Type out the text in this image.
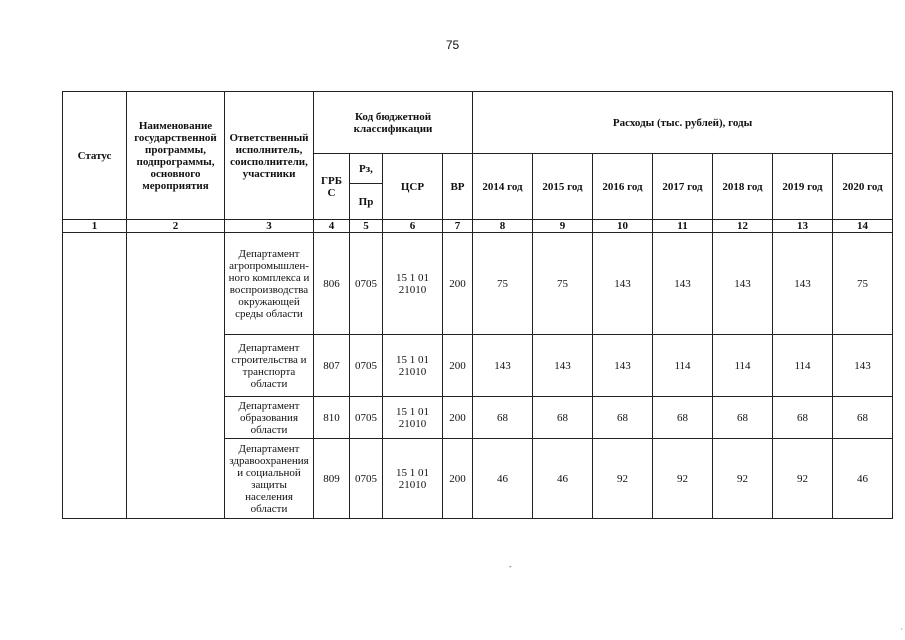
75
Статус	Наименование государственной программы, подпрограммы, основного мероприятия	Ответственный исполнитель, соисполнители, участники	Код бюджетной классификации				Расходы (тыс. рублей), годы						
			ГРБ С	Рз,	ЦСР	ВР	2014 год	2015 год	2016 год	2017 год	2018 год	2019 год	2020 год
				Пр									
1	2	3	4	5	6	7	8	9	10	11	12	13	14
		Департамент агропромышлен-ного комплекса и воспроизводства окружающей среды области	806	0705	15 1 01 21010	200	75	75	143	143	143	143	75
		Департамент строительства и транспорта области	807	0705	15 1 01 21010	200	143	143	143	114	114	114	143
		Департамент образования области	810	0705	15 1 01 21010	200	68	68	68	68	68	68	68
		Департамент здравоохранения и социальной защиты населения области	809	0705	15 1 01 21010	200	46	46	92	92	92	92	46
-
·
